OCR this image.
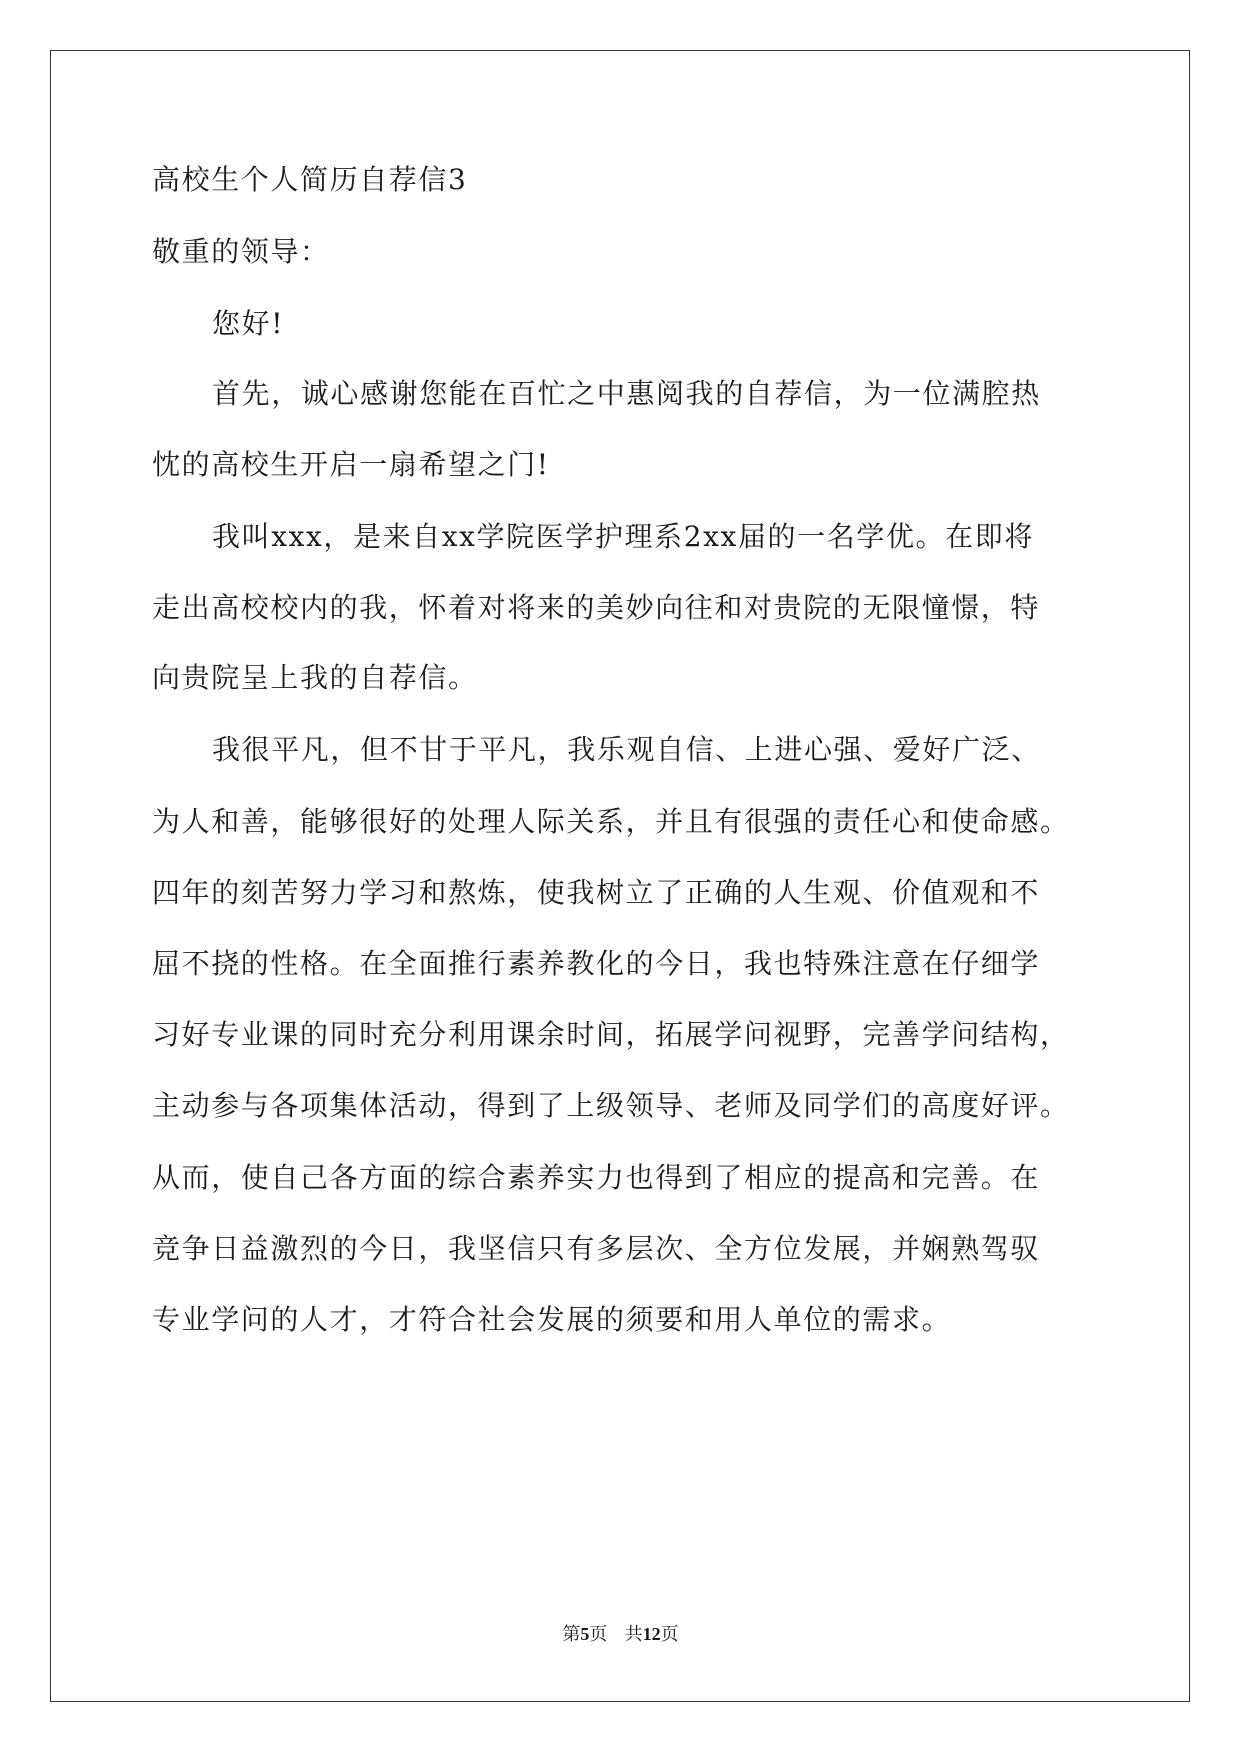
高校生个人简历自荐信3
敬重的领导：
您好!
首先，诚心感谢您能在百忙之中惠阅我的自荐信，为一位满腔热
忱的高校生开启一扇希望之门!
我叫xxx，是来自xx学院医学护理系2xx届的一名学优。在即将
走出高校校内的我，怀着对将来的美妙向往和对贵院的无限憧憬，特
向贵院呈上我的自荐信。
我很平凡，但不甘于平凡，我乐观自信、上进心强、爱好广泛、
为人和善，能够很好的处理人际关系，并且有很强的责任心和使命感。
四年的刻苦努力学习和熬炼，使我树立了正确的人生观、价值观和不
屈不挠的性格。在全面推行素养教化的今日，我也特殊注意在仔细学
习好专业课的同时充分利用课余时间，拓展学问视野，完善学问结构，
主动参与各项集体活动，得到了上级领导、老师及同学们的高度好评。
从而，使自己各方面的综合素养实力也得到了相应的提高和完善。在
竞争日益激烈的今日，我坚信只有多层次、全方位发展，并娴熟驾驭
专业学问的人才，才符合社会发展的须要和用人单位的需求。
第5页 共12页
